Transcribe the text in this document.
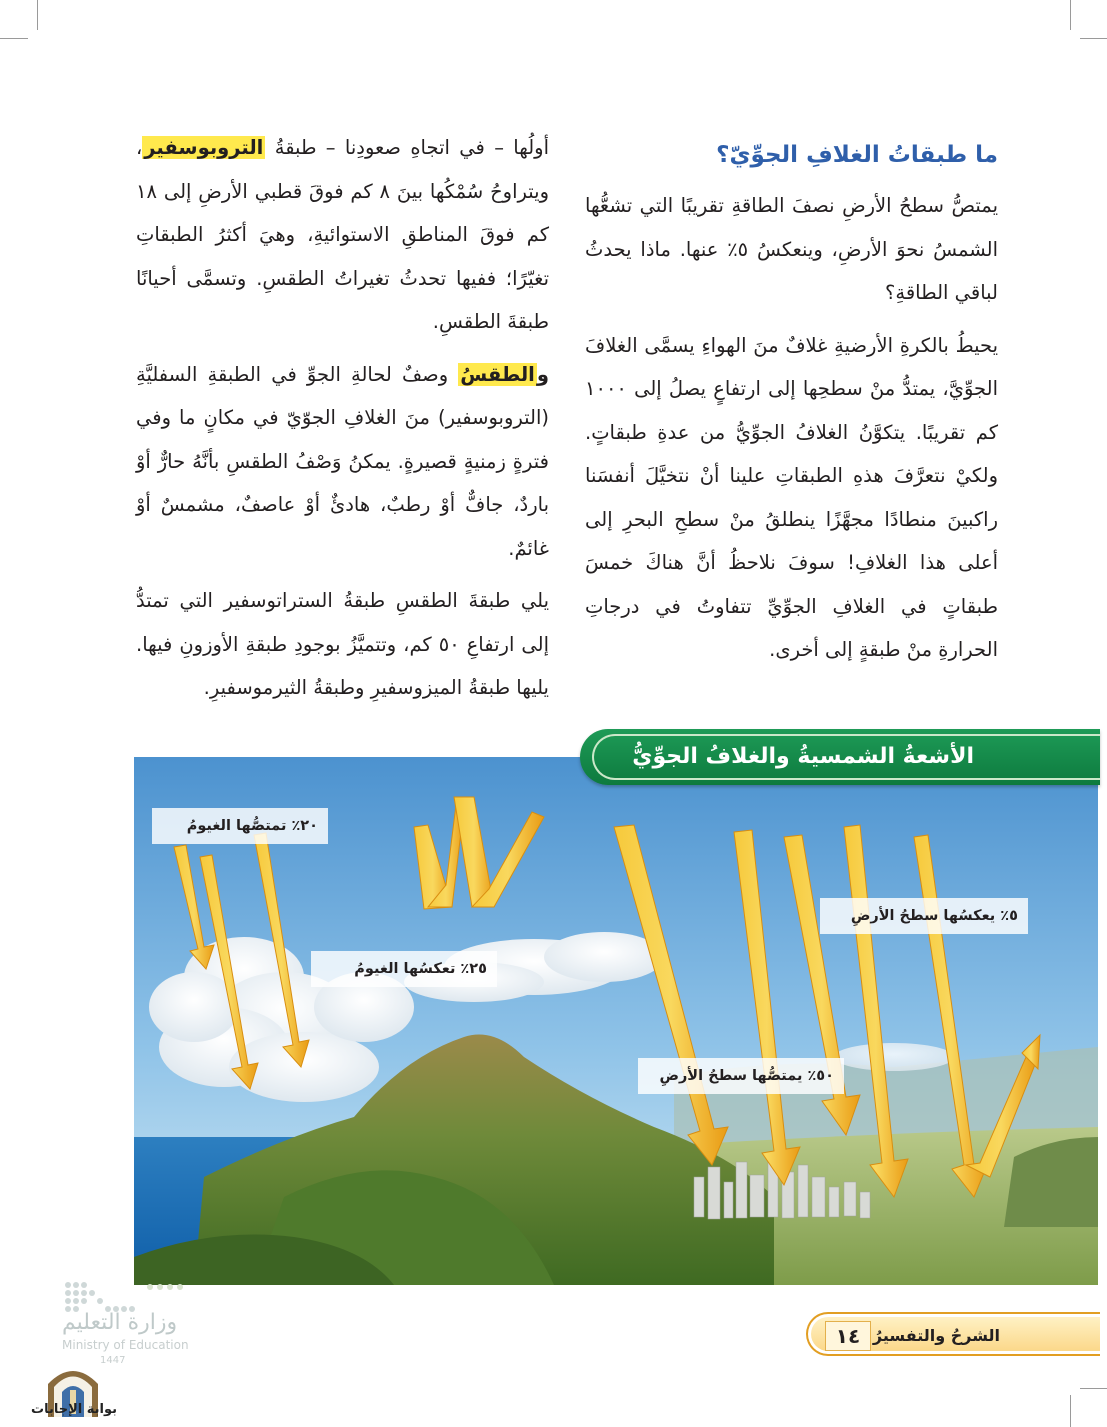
ما طبقاتُ الغلافِ الجوِّيّ؟

يمتصُّ سطحُ الأرضِ نصفَ الطاقةِ تقريبًا التي تشعُّها الشمسُ نحوَ الأرضِ، وينعكسُ ٥٪ عنها. ماذا يحدثُ لباقي الطاقةِ؟

يحيطُ بالكرةِ الأرضيةِ غلافٌ منَ الهواءِ يسمَّى الغلافَ الجوِّيَّ، يمتدُّ منْ سطحِها إلى ارتفاعٍ يصلُ إلى ١٠٠٠ كم تقريبًا. يتكوَّنُ الغلافُ الجوِّيُّ من عدةِ طبقاتٍ. ولكيْ نتعرَّفَ هذهِ الطبقاتِ علينا أنْ نتخيَّلَ أنفسَنا راكبينَ منطادًا مجهَّزًا ينطلقُ منْ سطحِ البحرِ إلى أعلى هذا الغلافِ! سوفَ نلاحظُ أنَّ هناكَ خمسَ طبقاتٍ في الغلافِ الجوِّيِّ تتفاوتُ في درجاتِ الحرارةِ منْ طبقةٍ إلى أخرى.

أولُها – في اتجاهِ صعودِنا – طبقةُ التروبوسفير، ويتراوحُ سُمْكُها بينَ ٨ كم فوقَ قطبي الأرضِ إلى ١٨ كم فوقَ المناطقِ الاستوائيةِ، وهيَ أكثرُ الطبقاتِ تغيّرًا؛ ففيها تحدثُ تغيراتُ الطقسِ. وتسمَّى أحيانًا طبقةَ الطقسِ.

والطقسُ وصفٌ لحالةِ الجوِّ في الطبقةِ السفليَّةِ (التروبوسفير) منَ الغلافِ الجوّيّ في مكانٍ ما وفي فترةٍ زمنيةٍ قصيرةٍ. يمكنُ وَصْفُ الطقسِ بأنَّهُ حارٌّ أوْ باردٌ، جافٌّ أوْ رطبٌ، هادئٌ أوْ عاصفٌ، مشمسٌ أوْ غائمٌ.

يلي طبقةَ الطقسِ طبقةُ الستراتوسفير التي تمتدُّ إلى ارتفاعِ ٥٠ كم، وتتميَّزُ بوجودِ طبقةِ الأوزونِ فيها. يليها طبقةُ الميزوسفيرِ وطبقةُ الثيرموسفيرِ.

٢٠٪ تمتصُّها الغيومُ
٢٥٪ تعكسُها الغيومُ
٥٪ يعكسُها سطحُ الأرضِ
٥٠٪ يمتصُّها سطحُ الأرضِ
الأشعةُ الشمسيةُ والغلافُ الجوِّيُّ
١٤ الشرحُ والتفسيرُ
وزارة التعليم
Ministry of Education
1447
بوابة الإجابات
